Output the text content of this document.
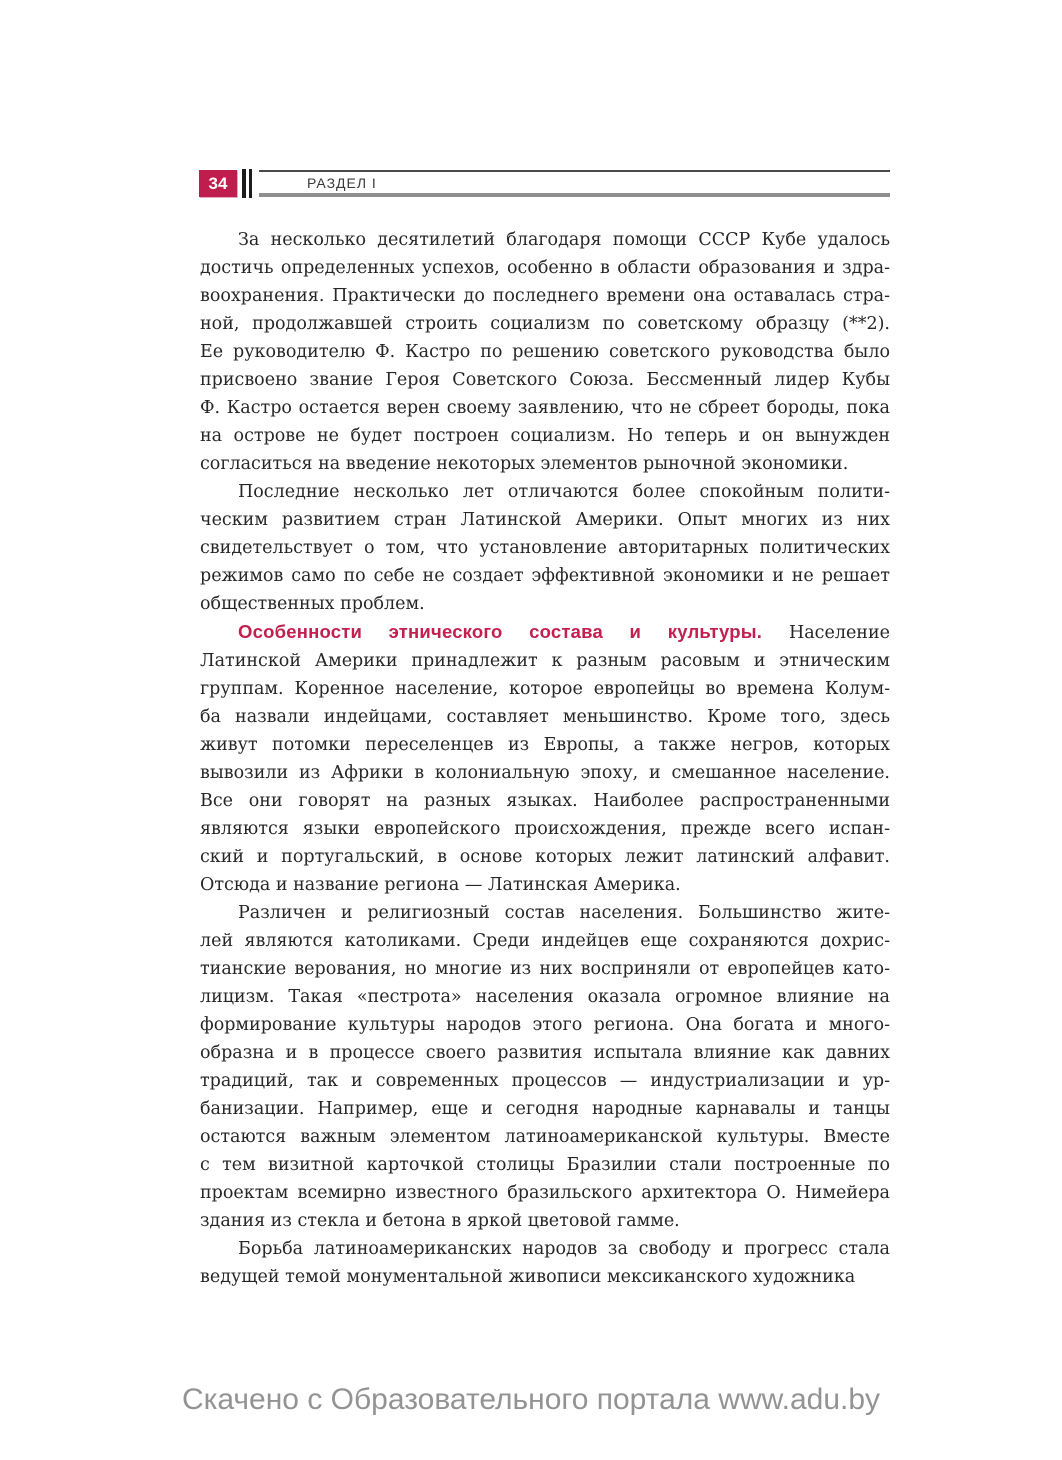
34	РАЗДЕЛ I
За несколько десятилетий благодаря помощи СССР Кубе удалось
достичь определенных успехов, особенно в области образования и здра-
воохранения. Практически до последнего времени она оставалась стра-
ной, продолжавшей строить социализм по советскому образцу (**2).
Ее руководителю Ф. Кастро по решению советского руководства было
присвоено звание Героя Советского Союза. Бессменный лидер Кубы
Ф. Кастро остается верен своему заявлению, что не сбреет бороды, пока
на острове не будет построен социализм. Но теперь и он вынужден
согласиться на введение некоторых элементов рыночной экономики.
Последние несколько лет отличаются более спокойным полити-
ческим развитием стран Латинской Америки. Опыт многих из них
свидетельствует о том, что установление авторитарных политических
режимов само по себе не создает эффективной экономики и не решает
общественных проблем.
Особенности этнического состава и культуры. Население
Латинской Америки принадлежит к разным расовым и этническим
группам. Коренное население, которое европейцы во времена Колум-
ба назвали индейцами, составляет меньшинство. Кроме того, здесь
живут потомки переселенцев из Европы, а также негров, которых
вывозили из Африки в колониальную эпоху, и смешанное население.
Все они говорят на разных языках. Наиболее распространенными
являются языки европейского происхождения, прежде всего испан-
ский и португальский, в основе которых лежит латинский алфавит.
Отсюда и название региона — Латинская Америка.
Различен и религиозный состав населения. Большинство жите-
лей являются католиками. Среди индейцев еще сохраняются дохрис-
тианские верования, но многие из них восприняли от европейцев като-
лицизм. Такая «пестрота» населения оказала огромное влияние на
формирование культуры народов этого региона. Она богата и много-
образна и в процессе своего развития испытала влияние как давних
традиций, так и современных процессов — индустриализации и ур-
банизации. Например, еще и сегодня народные карнавалы и танцы
остаются важным элементом латиноамериканской культуры. Вместе
с тем визитной карточкой столицы Бразилии стали построенные по
проектам всемирно известного бразильского архитектора О. Нимейера
здания из стекла и бетона в яркой цветовой гамме.
Борьба латиноамериканских народов за свободу и прогресс стала
ведущей темой монументальной живописи мексиканского художника
Скачено с Образовательного портала www.adu.by
